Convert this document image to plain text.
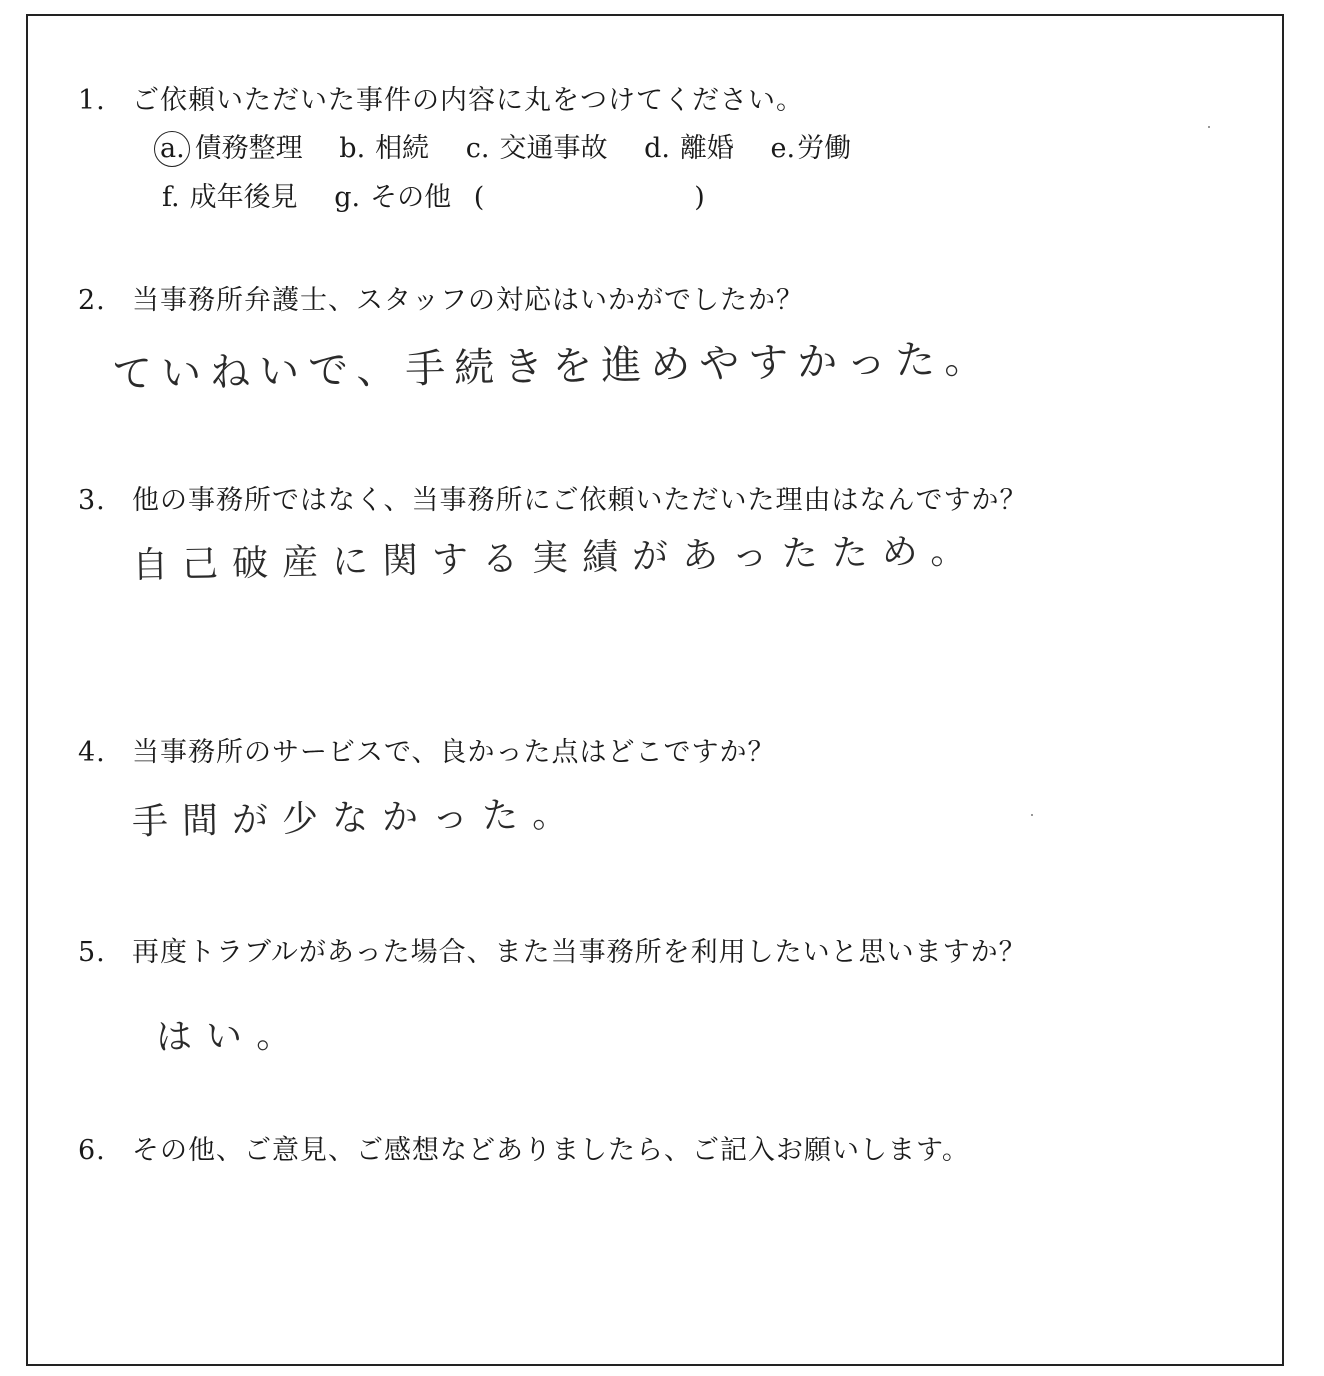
1. ご依頼いただいた事件の内容に丸をつけてください。
a. 債務整理 b. 相続 c. 交通事故 d. 離婚 e.労働
f. 成年後見 g. その他 (	)
2. 当事務所弁護士、スタッフの対応はいかがでしたか？
ていねいで、手続きを進めやすかった。
3. 他の事務所ではなく、当事務所にご依頼いただいた理由はなんですか？
自己破産に関する実績があったため。
4. 当事務所のサービスで、良かった点はどこですか？
手間が少なかった。
5. 再度トラブルがあった場合、また当事務所を利用したいと思いますか？
はい。
6. その他、ご意見、ご感想などありましたら、ご記入お願いします。
